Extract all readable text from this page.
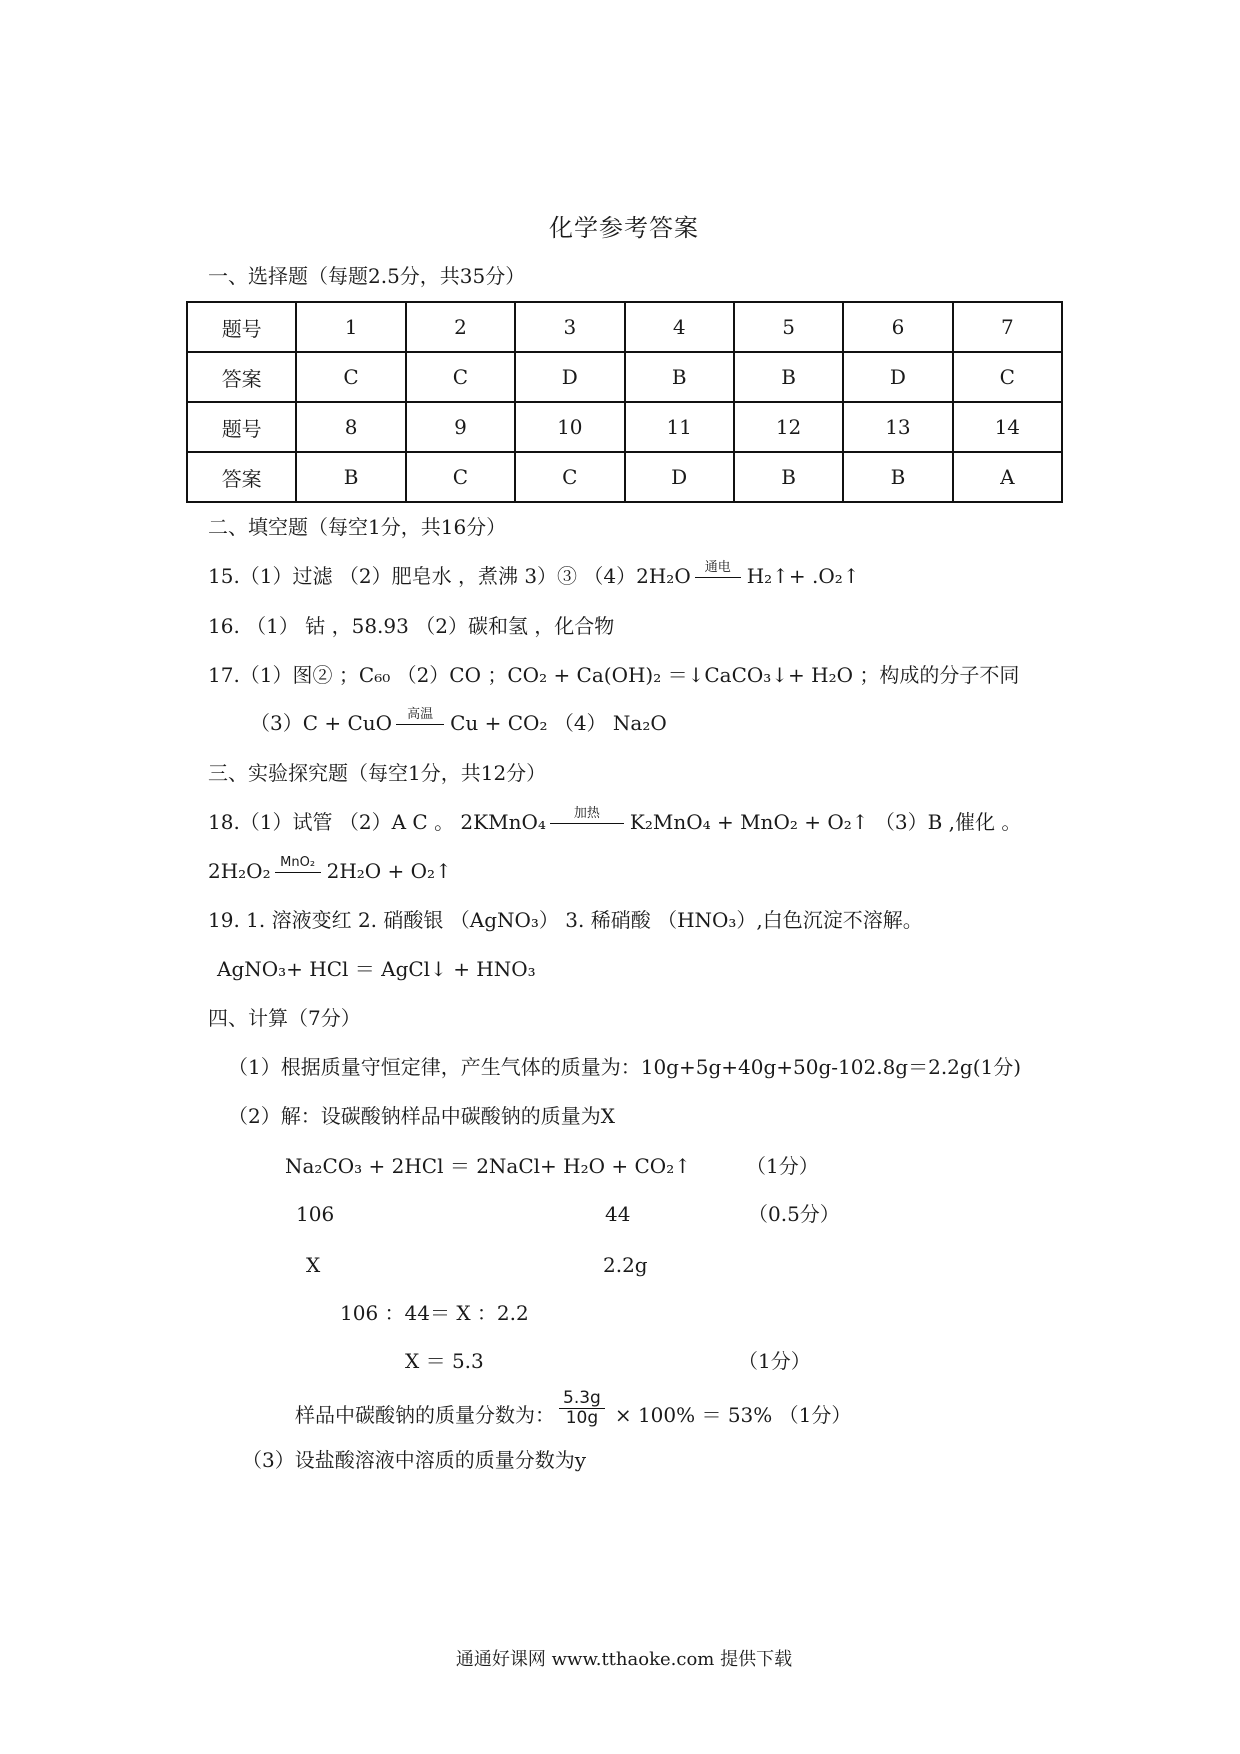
化学参考答案
一、选择题（每题2.5分，共35分）
题号	1	2	3	4	5	6	7
答案	C	C	D	B	B	D	C
题号	8	9	10	11	12	13	14
答案	B	C	C	D	B	B	A
二、填空题（每空1分，共16分）
15.（1）过滤 （2）肥皂水 ，煮沸 3）③ （4）2H₂O	通电 H₂↑+ .O₂↑
16. （1） 钴 ，58.93 （2）碳和氢 ，化合物
17.（1）图② ；C₆₀ （2）CO ；CO₂ + Ca(OH)₂ ＝↓CaCO₃↓+ H₂O ；构成的分子不同
（3）C + CuO	高温 Cu + CO₂ （4） Na₂O
三、实验探究题（每空1分，共12分）
18.（1）试管 （2）A C 。 2KMnO₄	加热	K₂MnO₄ + MnO₂ + O₂↑ （3）B ,催化 。
2H₂O₂ MnO₂ 2H₂O + O₂↑
19. 1. 溶液变红 2. 硝酸银 （AgNO₃） 3. 稀硝酸 （HNO₃）,白色沉淀不溶解。
AgNO₃+ HCl ＝ AgCl↓ + HNO₃
四、计算（7分）
（1）根据质量守恒定律，产生气体的质量为：10g+5g+40g+50g-102.8g＝2.2g(1分)
（2）解：设碳酸钠样品中碳酸钠的质量为X
Na₂CO₃ + 2HCl ＝ 2NaCl+ H₂O + CO₂↑	（1分）
106	44	（0.5分）
X	2.2g
106 ：44＝ X ：2.2
X ＝ 5.3	（1分）
样品中碳酸钠的质量分数为： $\frac{5.3g}{10g} \times 100\% = 53\%$ （1分）
（3）设盐酸溶液中溶质的质量分数为y
通通好课网 www.tthaoke.com 提供下载
